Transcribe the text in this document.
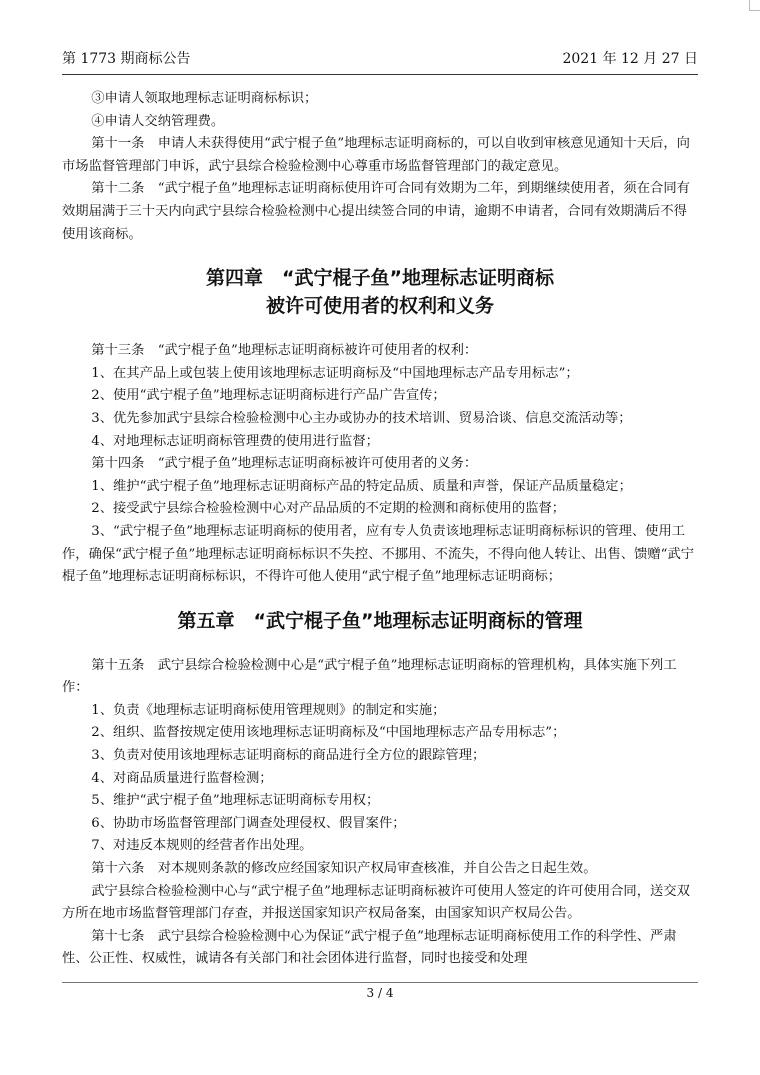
第 1773 期商标公告	2021 年 12 月 27 日

③申请人领取地理标志证明商标标识；

④申请人交纳管理费。

第十一条　申请人未获得使用“武宁棍子鱼”地理标志证明商标的，可以自收到审核意见通知十天后，向市场监督管理部门申诉，武宁县综合检验检测中心尊重市场监督管理部门的裁定意见。

第十二条　“武宁棍子鱼”地理标志证明商标使用许可合同有效期为二年，到期继续使用者，须在合同有效期届满于三十天内向武宁县综合检验检测中心提出续签合同的申请，逾期不申请者，合同有效期满后不得使用该商标。

第四章　“武宁棍子鱼”地理标志证明商标
被许可使用者的权利和义务

第十三条　“武宁棍子鱼”地理标志证明商标被许可使用者的权利：

1、在其产品上或包装上使用该地理标志证明商标及“中国地理标志产品专用标志”；

2、使用“武宁棍子鱼”地理标志证明商标进行产品广告宣传；

3、优先参加武宁县综合检验检测中心主办或协办的技术培训、贸易洽谈、信息交流活动等；

4、对地理标志证明商标管理费的使用进行监督；

第十四条　“武宁棍子鱼”地理标志证明商标被许可使用者的义务：

1、维护“武宁棍子鱼”地理标志证明商标产品的特定品质、质量和声誉，保证产品质量稳定；

2、接受武宁县综合检验检测中心对产品品质的不定期的检测和商标使用的监督；

3、“武宁棍子鱼”地理标志证明商标的使用者，应有专人负责该地理标志证明商标标识的管理、使用工作，确保“武宁棍子鱼”地理标志证明商标标识不失控、不挪用、不流失，不得向他人转让、出售、馈赠“武宁棍子鱼”地理标志证明商标标识，不得许可他人使用“武宁棍子鱼”地理标志证明商标；

第五章　“武宁棍子鱼”地理标志证明商标的管理

第十五条　武宁县综合检验检测中心是“武宁棍子鱼”地理标志证明商标的管理机构，具体实施下列工作：

1、负责《地理标志证明商标使用管理规则》的制定和实施；

2、组织、监督按规定使用该地理标志证明商标及“中国地理标志产品专用标志”；

3、负责对使用该地理标志证明商标的商品进行全方位的跟踪管理；

4、对商品质量进行监督检测；

5、维护“武宁棍子鱼”地理标志证明商标专用权；

6、协助市场监督管理部门调查处理侵权、假冒案件；

7、对违反本规则的经营者作出处理。

第十六条　对本规则条款的修改应经国家知识产权局审查核准，并自公告之日起生效。

武宁县综合检验检测中心与“武宁棍子鱼”地理标志证明商标被许可使用人签定的许可使用合同，送交双方所在地市场监督管理部门存查，并报送国家知识产权局备案，由国家知识产权局公告。

第十七条　武宁县综合检验检测中心为保证“武宁棍子鱼”地理标志证明商标使用工作的科学性、严肃性、公正性、权威性，诚请各有关部门和社会团体进行监督，同时也接受和处理

3 / 4
